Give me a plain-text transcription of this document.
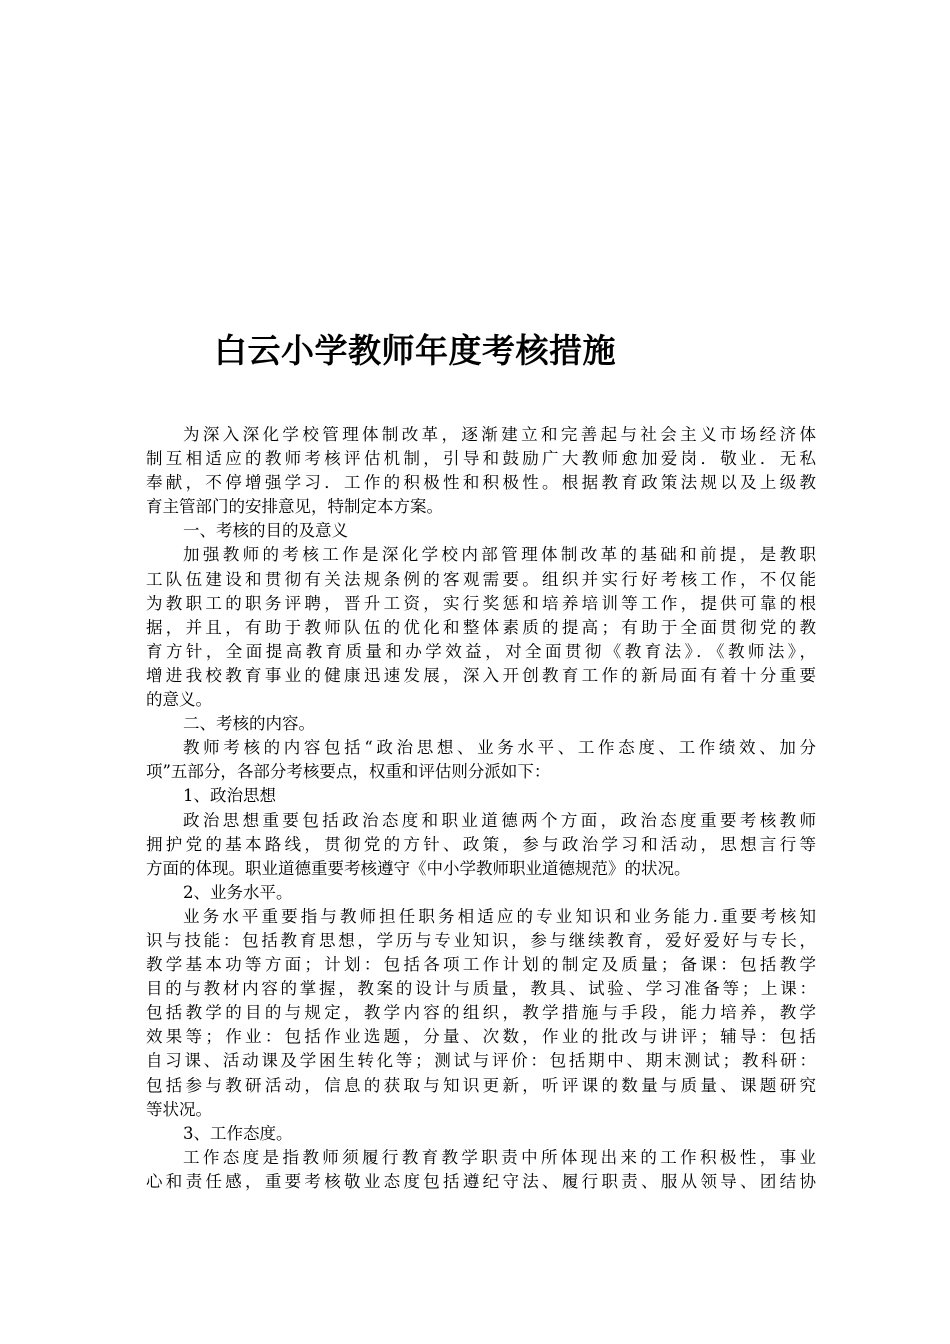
白云小学教师年度考核措施
为深入深化学校管理体制改革，逐渐建立和完善起与社会主义市场经济体
制互相适应的教师考核评估机制，引导和鼓励广大教师愈加爱岗．敬业．无私
奉献，不停增强学习．工作的积极性和积极性。根据教育政策法规以及上级教
育主管部门的安排意见，特制定本方案。
一、考核的目的及意义
加强教师的考核工作是深化学校内部管理体制改革的基础和前提，是教职
工队伍建设和贯彻有关法规条例的客观需要。组织并实行好考核工作，不仅能
为教职工的职务评聘，晋升工资，实行奖惩和培养培训等工作，提供可靠的根
据，并且，有助于教师队伍的优化和整体素质的提高；有助于全面贯彻党的教
育方针，全面提高教育质量和办学效益，对全面贯彻《教育法》．《教师法》，
增进我校教育事业的健康迅速发展，深入开创教育工作的新局面有着十分重要
的意义。
二、考核的内容。
教师考核的内容包括“政治思想、业务水平、工作态度、工作绩效、加分
项”五部分，各部分考核要点，权重和评估则分派如下：
1、政治思想
政治思想重要包括政治态度和职业道德两个方面，政治态度重要考核教师
拥护党的基本路线，贯彻党的方针、政策，参与政治学习和活动，思想言行等
方面的体现。职业道德重要考核遵守《中小学教师职业道德规范》的状况。
2、业务水平。
业务水平重要指与教师担任职务相适应的专业知识和业务能力.重要考核知
识与技能：包括教育思想，学历与专业知识，参与继续教育，爱好爱好与专长，
教学基本功等方面；计划：包括各项工作计划的制定及质量；备课：包括教学
目的与教材内容的掌握，教案的设计与质量，教具、试验、学习准备等；上课：
包括教学的目的与规定，教学内容的组织，教学措施与手段，能力培养，教学
效果等；作业：包括作业选题，分量、次数，作业的批改与讲评；辅导：包括
自习课、活动课及学困生转化等；测试与评价：包括期中、期末测试；教科研：
包括参与教研活动，信息的获取与知识更新，听评课的数量与质量、课题研究
等状况。
3、工作态度。
工作态度是指教师须履行教育教学职责中所体现出来的工作积极性，事业
心和责任感，重要考核敬业态度包括遵纪守法、履行职责、服从领导、团结协
